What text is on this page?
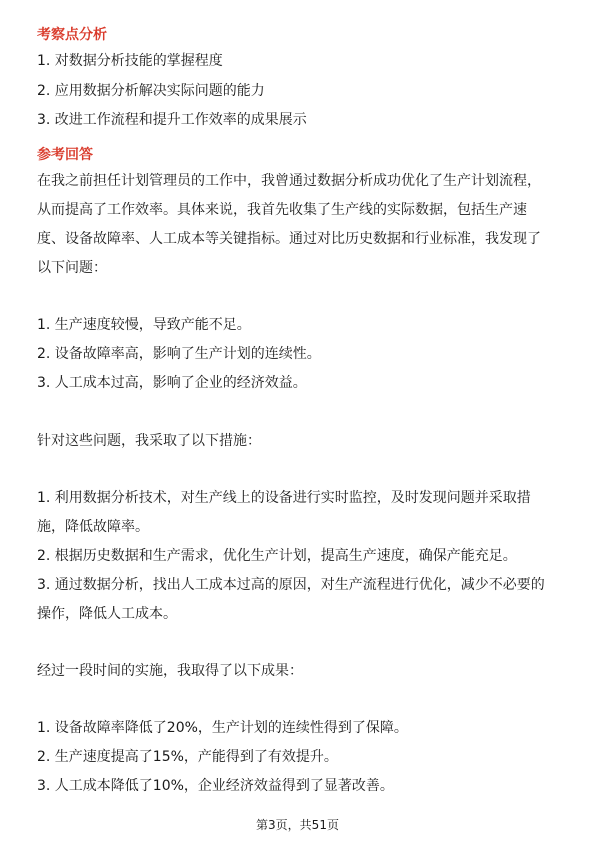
考察点分析
1. 对数据分析技能的掌握程度
2. 应用数据分析解决实际问题的能力
3. 改进工作流程和提升工作效率的成果展示
参考回答
在我之前担任计划管理员的工作中，我曾通过数据分析成功优化了生产计划流程，
从而提高了工作效率。具体来说，我首先收集了生产线的实际数据，包括生产速
度、设备故障率、人工成本等关键指标。通过对比历史数据和行业标准，我发现了
以下问题：
1. 生产速度较慢，导致产能不足。
2. 设备故障率高，影响了生产计划的连续性。
3. 人工成本过高，影响了企业的经济效益。
针对这些问题，我采取了以下措施：
1. 利用数据分析技术，对生产线上的设备进行实时监控，及时发现问题并采取措
施，降低故障率。
2. 根据历史数据和生产需求，优化生产计划，提高生产速度，确保产能充足。
3. 通过数据分析，找出人工成本过高的原因，对生产流程进行优化，减少不必要的
操作，降低人工成本。
经过一段时间的实施，我取得了以下成果：
1. 设备故障率降低了20%，生产计划的连续性得到了保障。
2. 生产速度提高了15%，产能得到了有效提升。
3. 人工成本降低了10%，企业经济效益得到了显著改善。
第3页，共51页
